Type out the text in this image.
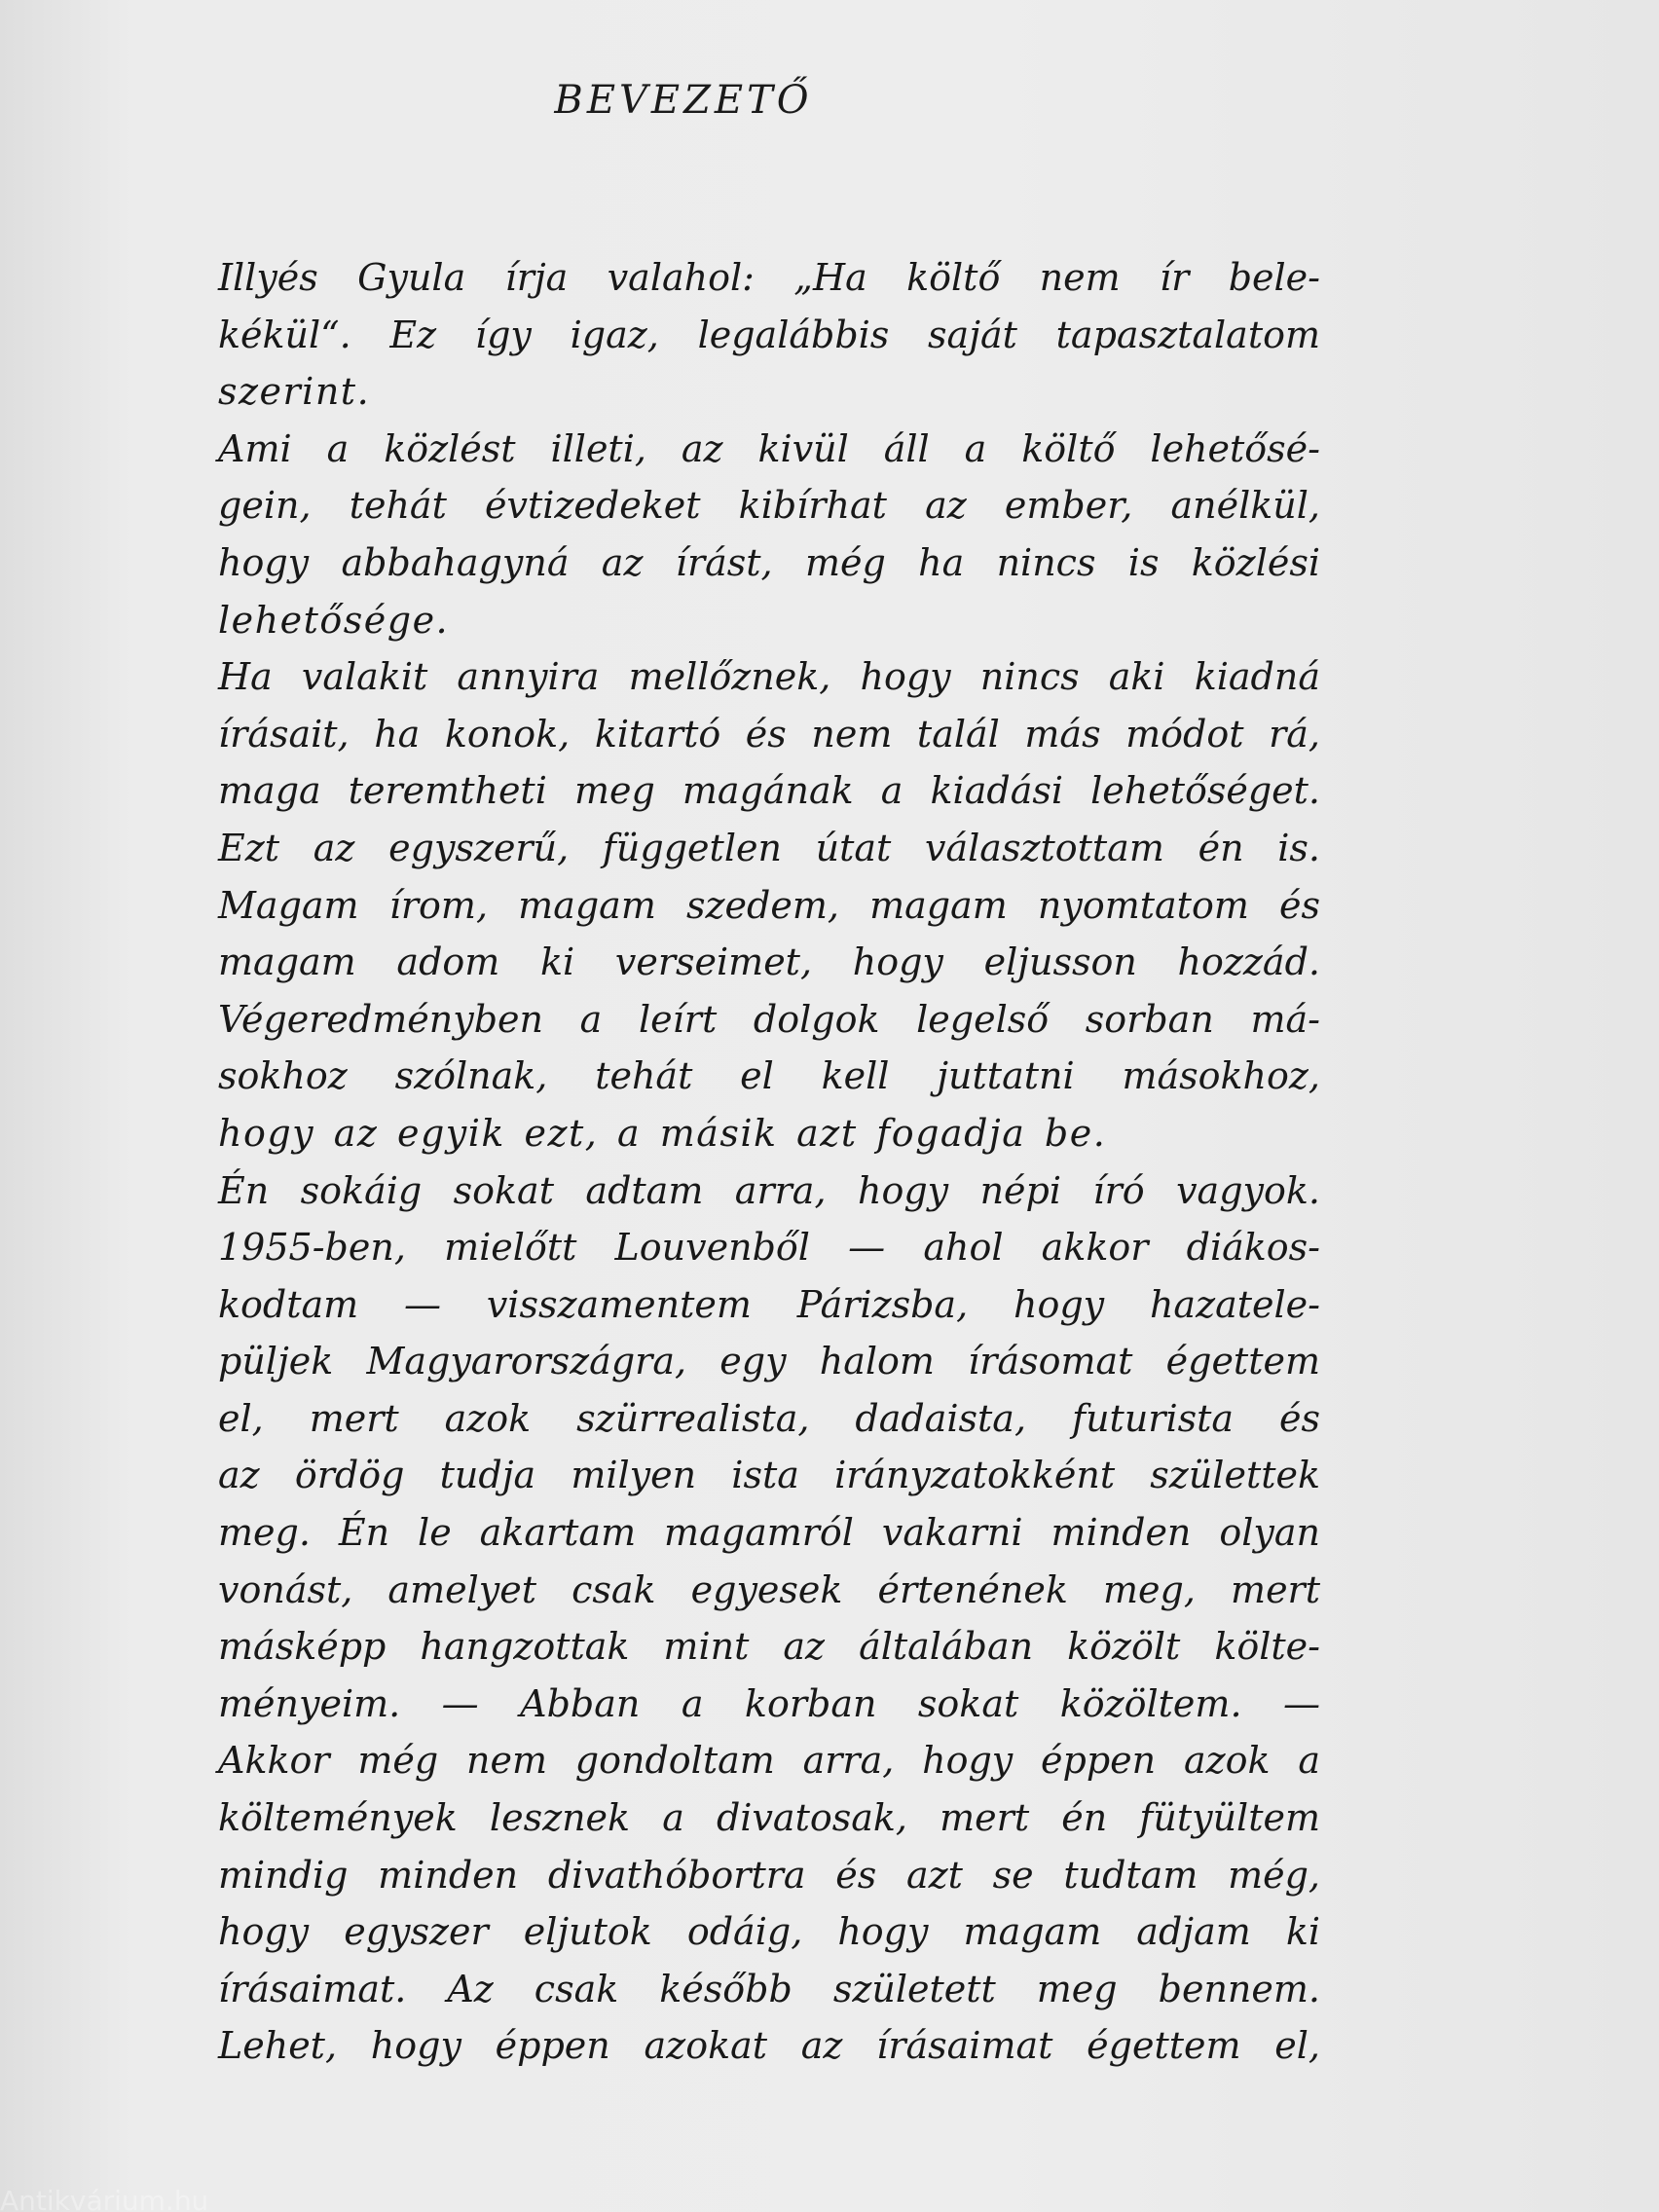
BEVEZETŐ
Illyés Gyula írja valahol: „Ha költő nem ír bele-
kékül“. Ez így igaz, legalábbis saját tapasztalatom
szerint.
Ami a közlést illeti, az kivül áll a költő lehetősé-
gein, tehát évtizedeket kibírhat az ember, anélkül,
hogy abbahagyná az írást, még ha nincs is közlési
lehetősége.
Ha valakit annyira mellőznek, hogy nincs aki kiadná
írásait, ha konok, kitartó és nem talál más módot rá,
maga teremtheti meg magának a kiadási lehetőséget.
Ezt az egyszerű, független útat választottam én is.
Magam írom, magam szedem, magam nyomtatom és
magam adom ki verseimet, hogy eljusson hozzád.
Végeredményben a leírt dolgok legelső sorban má-
sokhoz szólnak, tehát el kell juttatni másokhoz,
hogy az egyik ezt, a másik azt fogadja be.
Én sokáig sokat adtam arra, hogy népi író vagyok.
1955-ben, mielőtt Louvenből — ahol akkor diákos-
kodtam — visszamentem Párizsba, hogy hazatele-
püljek Magyarországra, egy halom írásomat égettem
el, mert azok szürrealista, dadaista, futurista és
az ördög tudja milyen ista irányzatokként születtek
meg. Én le akartam magamról vakarni minden olyan
vonást, amelyet csak egyesek értenének meg, mert
másképp hangzottak mint az általában közölt költe-
ményeim. — Abban a korban sokat közöltem. —
Akkor még nem gondoltam arra, hogy éppen azok a
költemények lesznek a divatosak, mert én fütyültem
mindig minden divathóbortra és azt se tudtam még,
hogy egyszer eljutok odáig, hogy magam adjam ki
írásaimat. Az csak később született meg bennem.
Lehet, hogy éppen azokat az írásaimat égettem el,
Antikvárium.hu
